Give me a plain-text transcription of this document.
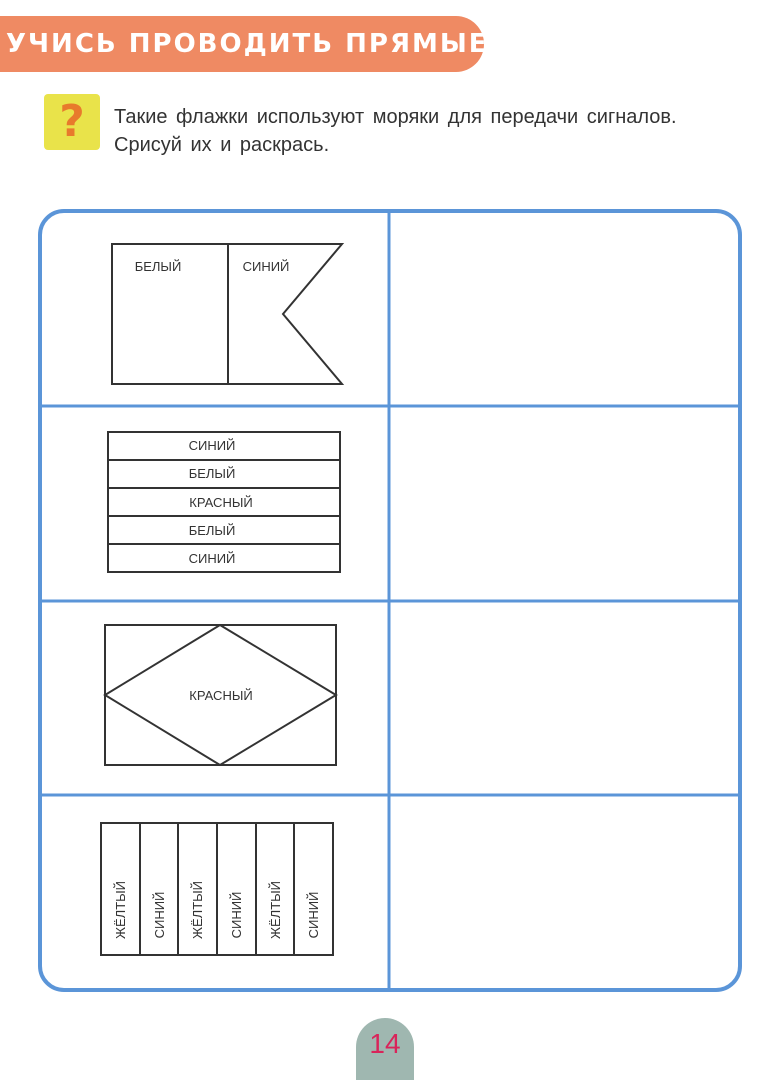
УЧИСЬ ПРОВОДИТЬ ПРЯМЫЕ ЛИНИИ
?	Такие флажки используют моряки для передачи сигналов.
Срисуй их и раскрась.
БЕЛЫЙ	СИНИЙ
СИНИЙ
БЕЛЫЙ
КРАСНЫЙ
БЕЛЫЙ
СИНИЙ
КРАСНЫЙ
ЖЁЛТЫЙ СИНИЙ ЖЁЛТЫЙ СИНИЙ ЖЁЛТЫЙ СИНИЙ
14
